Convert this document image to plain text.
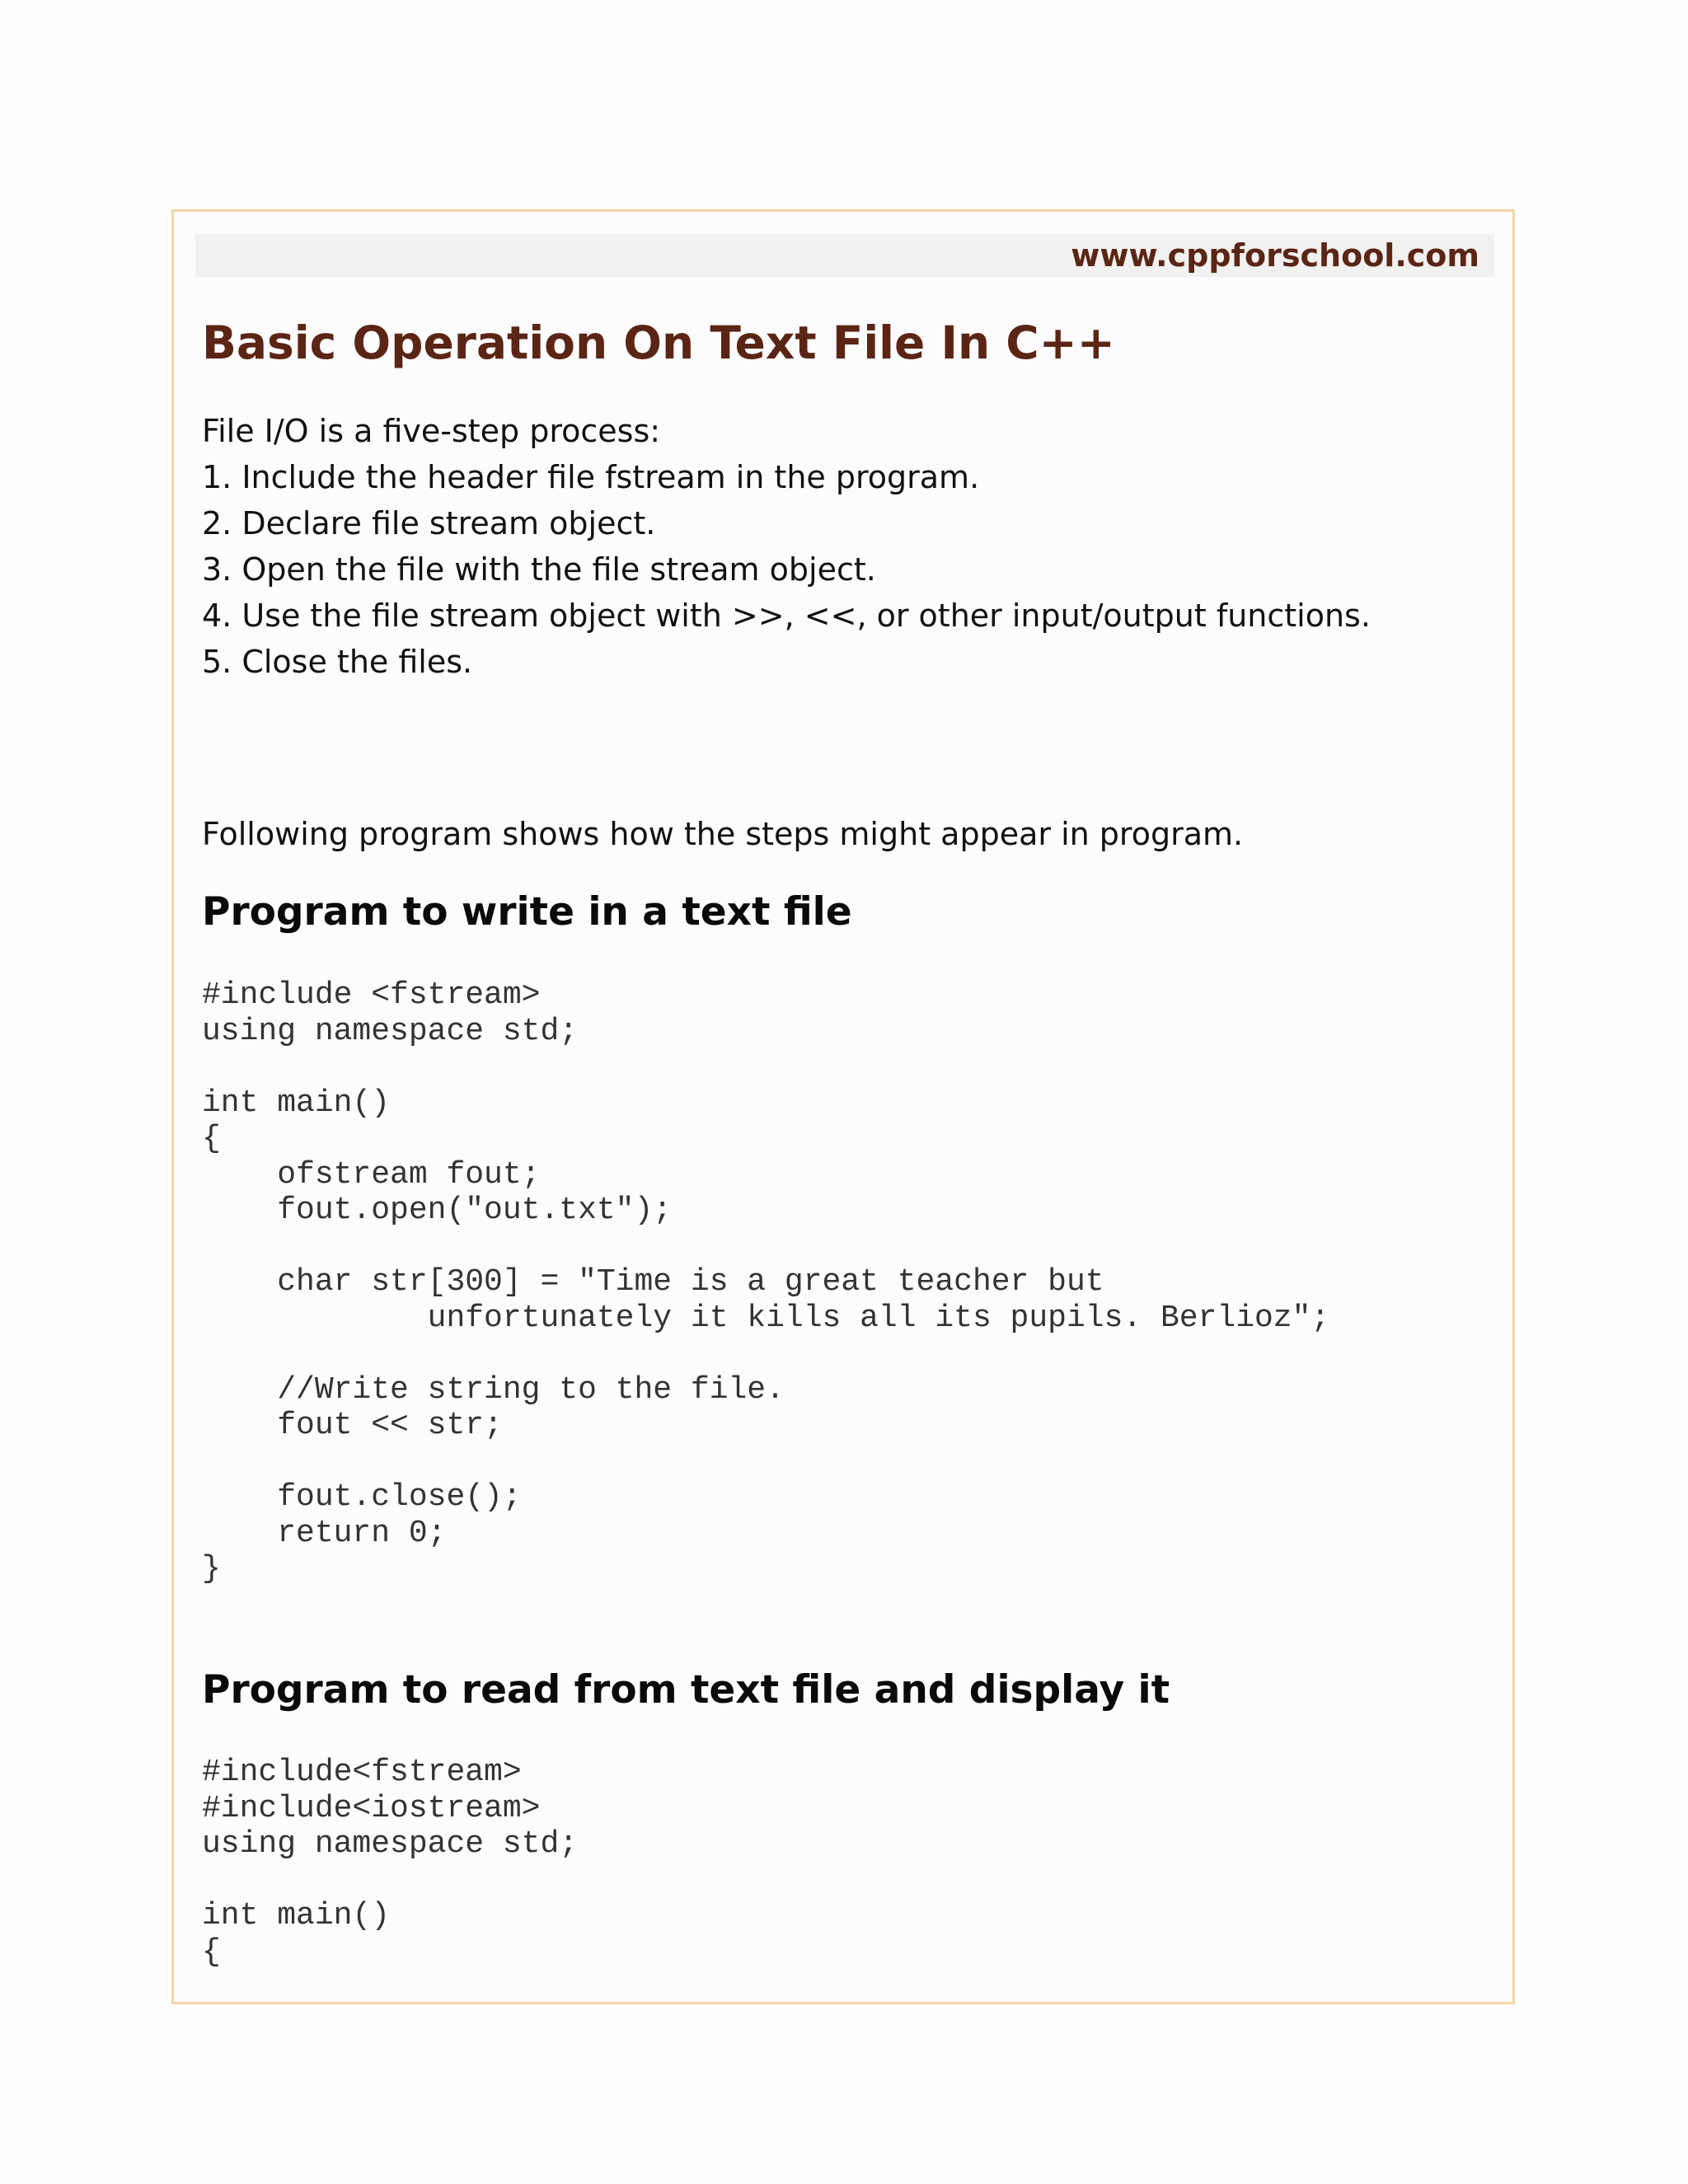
www.cppforschool.com

Basic Operation On Text File In C++

File I/O is a five-step process:
1. Include the header file fstream in the program.
2. Declare file stream object.
3. Open the file with the file stream object.
4. Use the file stream object with >>, <<, or other input/output functions.
5. Close the files.

Following program shows how the steps might appear in program.

Program to write in a text file
#include <fstream>
using namespace std;
int main()
{
ofstream fout;
fout.open("out.txt");
char str[300] = "Time is a great teacher but
unfortunately it kills all its pupils. Berlioz";
//Write string to the file.
fout << str;
fout.close();
return 0;
}
Program to read from text file and display it
#include<fstream>
#include<iostream>
using namespace std;
int main()
{
